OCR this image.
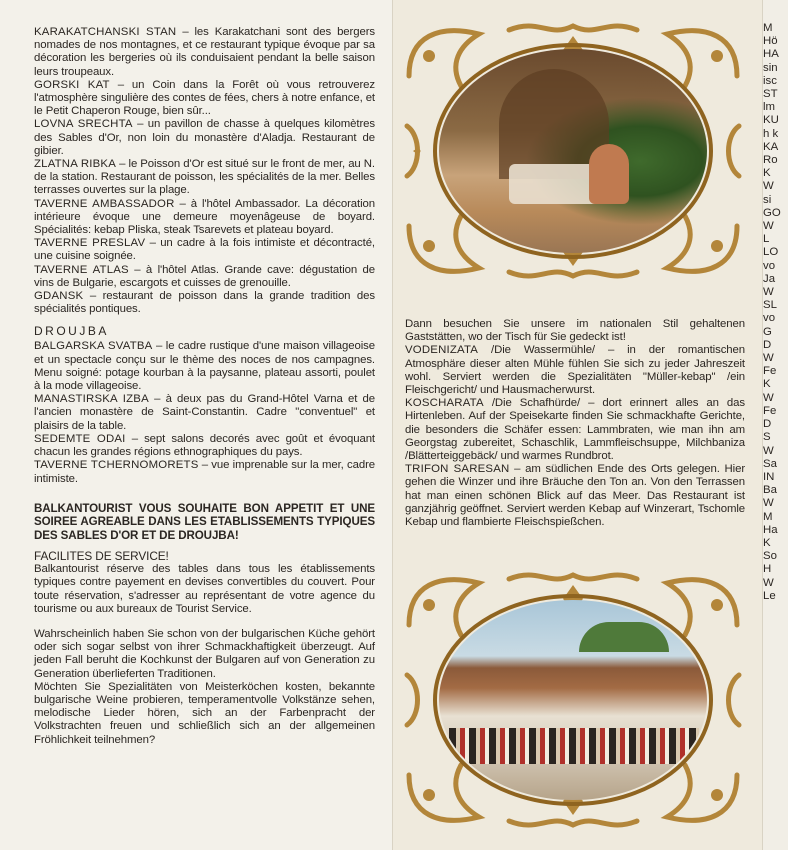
KARAKATCHANSKI STAN – les Karakatchani sont des bergers nomades de nos montagnes, et ce restaurant typique évoque par sa décoration les bergeries où ils conduisaient pendant la belle saison leurs troupeaux.

GORSKI KAT – un Coin dans la Forêt où vous retrouverez l'atmosphère singulière des contes de fées, chers à notre enfance, et le Petit Chaperon Rouge, bien sûr...

LOVNA SRECHTA – un pavillon de chasse à quelques kilomètres des Sables d'Or, non loin du monastère d'Aladja. Restaurant de gibier.

ZLATNA RIBKA – le Poisson d'Or est situé sur le front de mer, au N. de la station. Restaurant de poisson, les spécialités de la mer. Belles terrasses ouvertes sur la plage.

TAVERNE AMBASSADOR – à l'hôtel Ambassador. La décoration intérieure évoque une demeure moyenâgeuse de boyard. Spécialités: kebap Pliska, steak Tsarevets et plateau boyard.

TAVERNE PRESLAV – un cadre à la fois intimiste et décontracté, une cuisine soignée.

TAVERNE ATLAS – à l'hôtel Atlas. Grande cave: dégustation de vins de Bulgarie, escargots et cuisses de grenouille.

GDANSK – restaurant de poisson dans la grande tradition des spécialités pontiques.

DROUJBA

BALGARSKA SVATBA – le cadre rustique d'une maison villageoise et un spectacle conçu sur le thème des noces de nos campagnes. Menu soigné: potage kourban à la paysanne, plateau assorti, poulet à la mode villageoise.

MANASTIRSKA IZBA – à deux pas du Grand-Hôtel Varna et de l'ancien monastère de Saint-Constantin. Cadre "conventuel" et plaisirs de la table.

SEDEMTE ODAI – sept salons decorés avec goût et évoquant chacun les grandes régions ethnographiques du pays.

TAVERNE TCHERNOMORETS – vue imprenable sur la mer, cadre intimiste.

BALKANTOURIST VOUS SOUHAITE BON APPETIT ET UNE SOIREE AGREABLE DANS LES ETABLISSEMENTS TYPIQUES DES SABLES D'OR ET DE DROUJBA!

FACILITES DE SERVICE!

Balkantourist réserve des tables dans tous les établissements typiques contre payement en devises convertibles du couvert. Pour toute réservation, s'adresser au représentant de votre agence du tourisme ou aux bureaux de Tourist Service.

Wahrscheinlich haben Sie schon von der bulgarischen Küche gehört oder sich sogar selbst von ihrer Schmackhaftigkeit überzeugt. Auf jeden Fall beruht die Kochkunst der Bulgaren auf von Generation zu Generation überlieferten Traditionen.

Möchten Sie Spezialitäten von Meisterköchen kosten, bekannte bulgarische Weine probieren, temperamentvolle Volkstänze sehen, melodische Lieder hören, sich an der Farbenpracht der Volkstrachten freuen und schließlich sich an der allgemeinen Fröhlichkeit teilnehmen?

Dann besuchen Sie unsere im nationalen Stil gehaltenen Gaststätten, wo der Tisch für Sie gedeckt ist!

VODENIZATA /Die Wassermühle/ – in der romantischen Atmosphäre dieser alten Mühle fühlen Sie sich zu jeder Jahreszeit wohl. Serviert werden die Spezialitäten "Müller-kebap" /ein Fleischgericht/ und Hausmacherwurst.

KOSCHARATA /Die Schafhürde/ – dort erinnert alles an das Hirtenleben. Auf der Speisekarte finden Sie schmackhafte Gerichte, die besonders die Schäfer essen: Lammbraten, wie man ihn am Georgstag zubereitet, Schaschlik, Lammfleischsuppe, Milchbaniza /Blätterteiggebäck/ und warmes Rundbrot.

TRIFON SARESAN – am südlichen Ende des Orts gelegen. Hier gehen die Winzer und ihre Bräuche den Ton an. Von den Terrassen hat man einen schönen Blick auf das Meer. Das Restaurant ist ganzjährig geöffnet. Serviert werden Kebap auf Winzerart, Tschomle Kebap und flambierte Fleischspießchen.

M

Hö

HA

sin

isc

ST

lm

KU

h k

KA

Ro

K

W

si

GO

W

L

LO

vo

Ja

W

SL

vo

G

D

W

Fe

K

W

Fe

D

S

W

Sa

IN

Ba

W

M

Ha

K

So

H

W

Le
